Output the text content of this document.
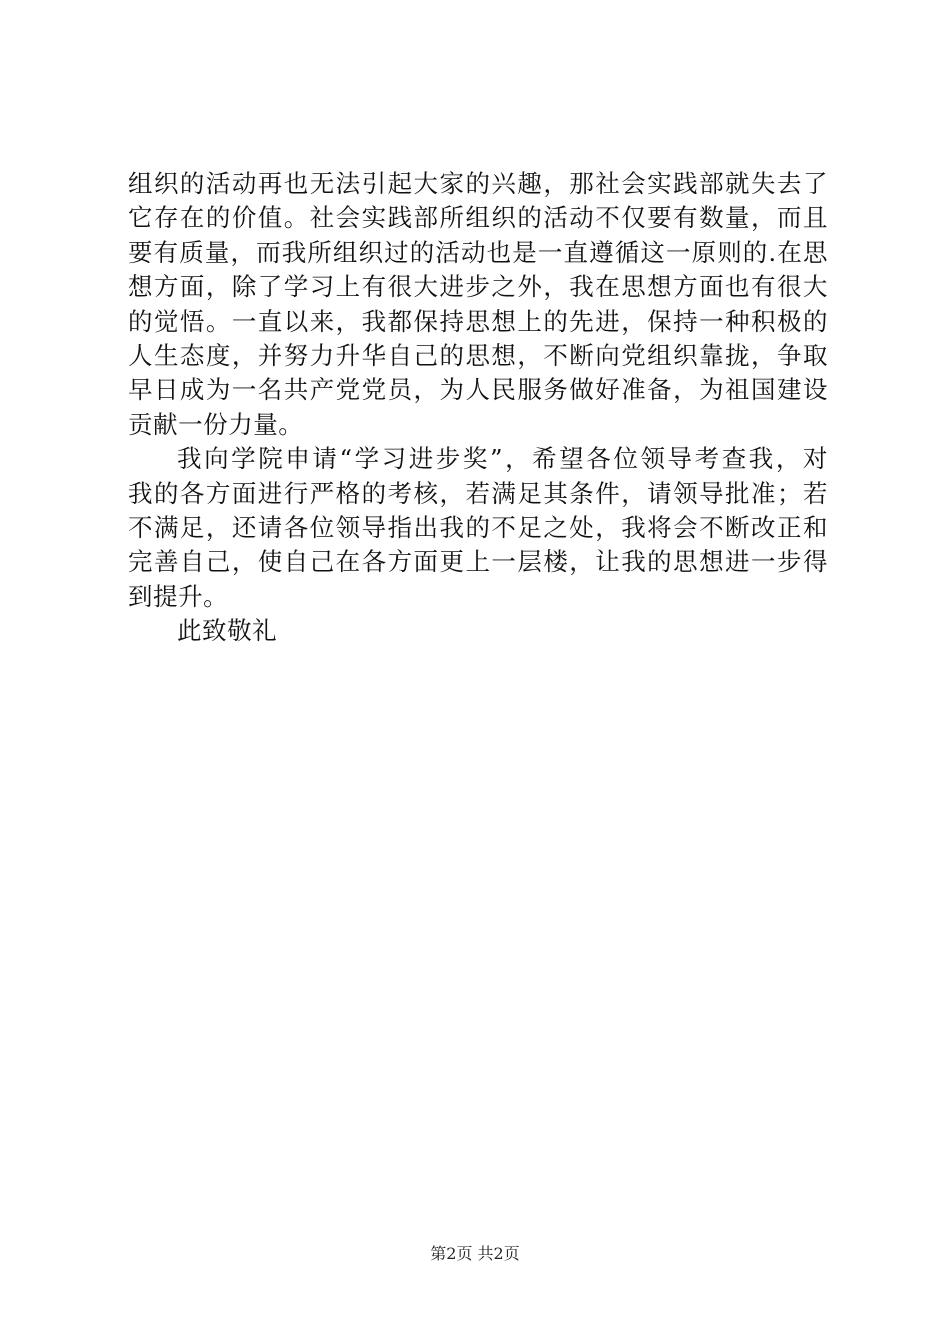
组织的活动再也无法引起大家的兴趣，那社会实践部就失去了
它存在的价值。社会实践部所组织的活动不仅要有数量，而且
要有质量，而我所组织过的活动也是一直遵循这一原则的.在思
想方面，除了学习上有很大进步之外，我在思想方面也有很大
的觉悟。一直以来，我都保持思想上的先进，保持一种积极的
人生态度，并努力升华自己的思想，不断向党组织靠拢，争取
早日成为一名共产党党员，为人民服务做好准备，为祖国建设
贡献一份力量。
我向学院申请“学习进步奖”，希望各位领导考查我，对
我的各方面进行严格的考核，若满足其条件，请领导批准；若
不满足，还请各位领导指出我的不足之处，我将会不断改正和
完善自己，使自己在各方面更上一层楼，让我的思想进一步得
到提升。
此致敬礼
第2页 共2页
